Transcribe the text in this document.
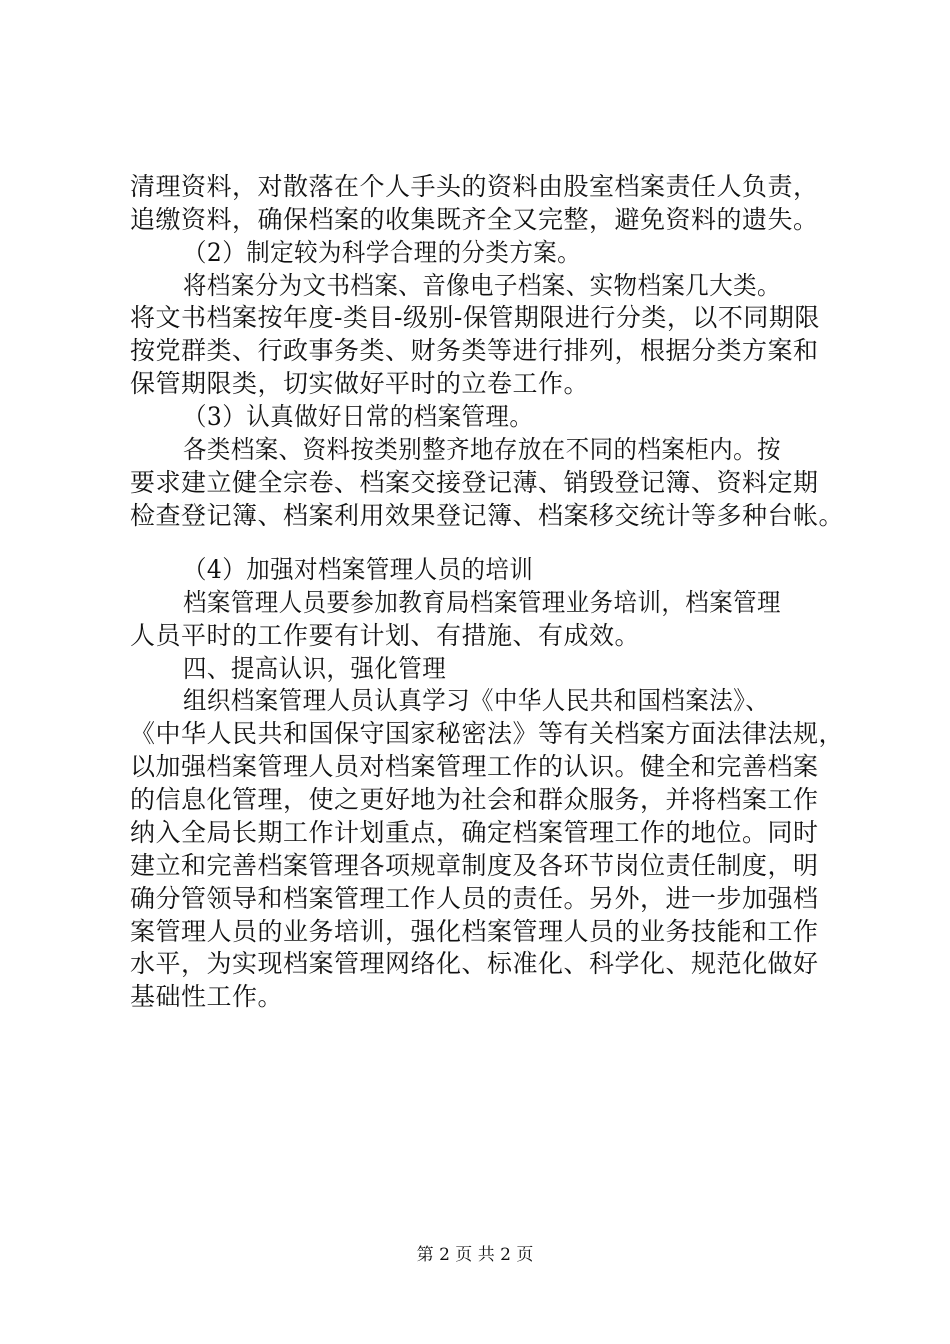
清理资料，对散落在个人手头的资料由股室档案责任人负责，
追缴资料，确保档案的收集既齐全又完整，避免资料的遗失。
（2）制定较为科学合理的分类方案。
将档案分为文书档案、音像电子档案、实物档案几大类。
将文书档案按年度-类目-级别-保管期限进行分类，以不同期限
按党群类、行政事务类、财务类等进行排列，根据分类方案和
保管期限类，切实做好平时的立卷工作。
（3）认真做好日常的档案管理。
各类档案、资料按类别整齐地存放在不同的档案柜内。按
要求建立健全宗卷、档案交接登记薄、销毁登记簿、资料定期
检查登记簿、档案利用效果登记簿、档案移交统计等多种台帐。
（4）加强对档案管理人员的培训
档案管理人员要参加教育局档案管理业务培训，档案管理
人员平时的工作要有计划、有措施、有成效。
四、提高认识，强化管理
组织档案管理人员认真学习《中华人民共和国档案法》、
《中华人民共和国保守国家秘密法》等有关档案方面法律法规，
以加强档案管理人员对档案管理工作的认识。健全和完善档案
的信息化管理，使之更好地为社会和群众服务，并将档案工作
纳入全局长期工作计划重点，确定档案管理工作的地位。同时
建立和完善档案管理各项规章制度及各环节岗位责任制度，明
确分管领导和档案管理工作人员的责任。另外，进一步加强档
案管理人员的业务培训，强化档案管理人员的业务技能和工作
水平，为实现档案管理网络化、标准化、科学化、规范化做好
基础性工作。
第 2 页 共 2 页
